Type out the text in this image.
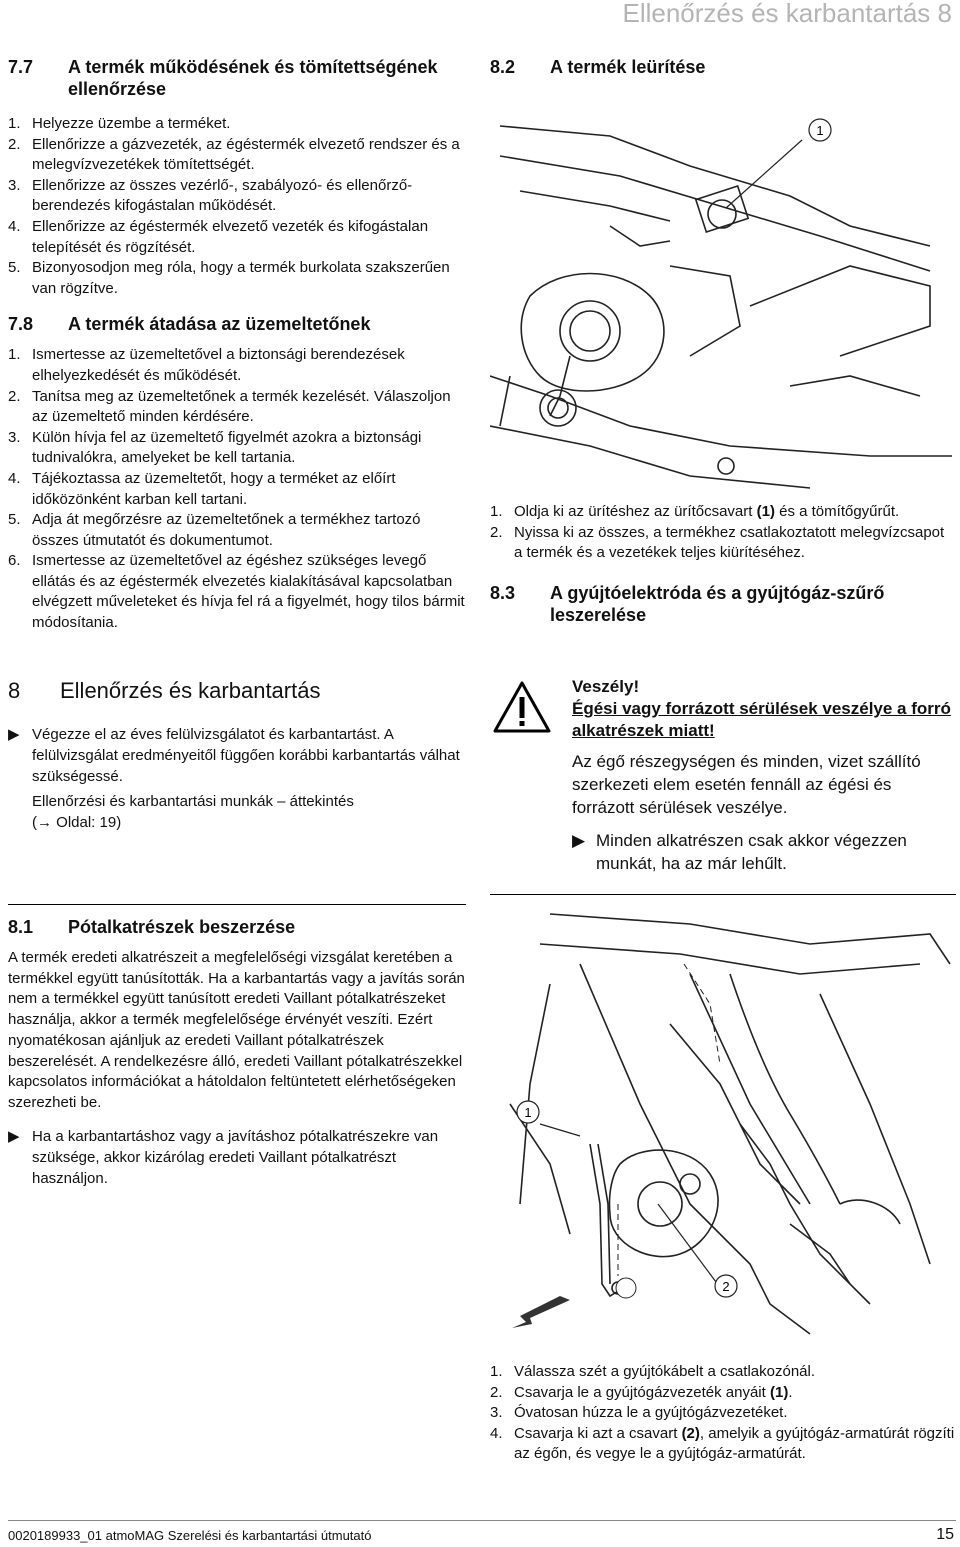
Ellenőrzés és karbantartás 8
7.7	A termék működésének és tömítettségének ellenőrzése
1. Helyezze üzembe a terméket.
2. Ellenőrizze a gázvezeték, az égéstermék elvezető rendszer és a melegvízvezetékek tömítettségét.
3. Ellenőrizze az összes vezérlő-, szabályozó- és ellenőrző-berendezés kifogástalan működését.
4. Ellenőrizze az égéstermék elvezető vezeték és kifogástalan telepítését és rögzítését.
5. Bizonyosodjon meg róla, hogy a termék burkolata szakszerűen van rögzítve.
7.8	A termék átadása az üzemeltetőnek
1. Ismertesse az üzemeltetővel a biztonsági berendezések elhelyezkedését és működését.
2. Tanítsa meg az üzemeltetőnek a termék kezelését. Válaszoljon az üzemeltető minden kérdésére.
3. Külön hívja fel az üzemeltető figyelmét azokra a biztonsági tudnivalókra, amelyeket be kell tartania.
4. Tájékoztassa az üzemeltetőt, hogy a terméket az előírt időközönként karban kell tartani.
5. Adja át megőrzésre az üzemeltetőnek a termékhez tartozó összes útmutatót és dokumentumot.
6. Ismertesse az üzemeltetővel az égéshez szükséges levegő ellátás és az égéstermék elvezetés kialakításával kapcsolatban elvégzett műveleteket és hívja fel rá a figyelmét, hogy tilos bármit módosítania.
8	Ellenőrzés és karbantartás
▶ Végezze el az éves felülvizsgálatot és karbantartást. A felülvizsgálat eredményeitől függően korábbi karbantartás válhat szükségessé.

Ellenőrzési és karbantartási munkák – áttekintés
(→ Oldal: 19)

8.1	Pótalkatrészek beszerzése

A termék eredeti alkatrészeit a megfelelőségi vizsgálat keretében a termékkel együtt tanúsították. Ha a karbantartás vagy a javítás során nem a termékkel együtt tanúsított eredeti Vaillant pótalkatrészeket használja, akkor a termék megfelelősége érvényét veszíti. Ezért nyomatékosan ajánljuk az eredeti Vaillant pótalkatrészek beszerelését. A rendelkezésre álló, eredeti Vaillant pótalkatrészekkel kapcsolatos információkat a hátoldalon feltüntetett elérhetőségeken szerezheti be.

▶ Ha a karbantartáshoz vagy a javításhoz pótalkatrészekre van szüksége, akkor kizárólag eredeti Vaillant pótalkatrészt használjon.
8.2	A termék leürítése
1
1. Oldja ki az ürítéshez az ürítőcsavart (1) és a tömítőgyűrűt.
2. Nyissa ki az összes, a termékhez csatlakoztatott melegvízcsapot a termék és a vezetékek teljes kiürítéséhez.
8.3	A gyújtóelektróda és a gyújtógáz-szűrő leszerelése
Veszély!
Égési vagy forrázott sérülések veszélye a forró alkatrészek miatt!
Az égő részegységen és minden, vizet szállító szerkezeti elem esetén fennáll az égési és forrázott sérülések veszélye.
▶ Minden alkatrészen csak akkor végezzen munkát, ha az már lehűlt.
1
2
1. Válassza szét a gyújtókábelt a csatlakozónál.
2. Csavarja le a gyújtógázvezeték anyáit (1).
3. Óvatosan húzza le a gyújtógázvezetéket.
4. Csavarja ki azt a csavart (2), amelyik a gyújtógáz-armatúrát rögzíti az égőn, és vegye le a gyújtógáz-armatúrát.
0020189933_01 atmoMAG Szerelési és karbantartási útmutató	15
